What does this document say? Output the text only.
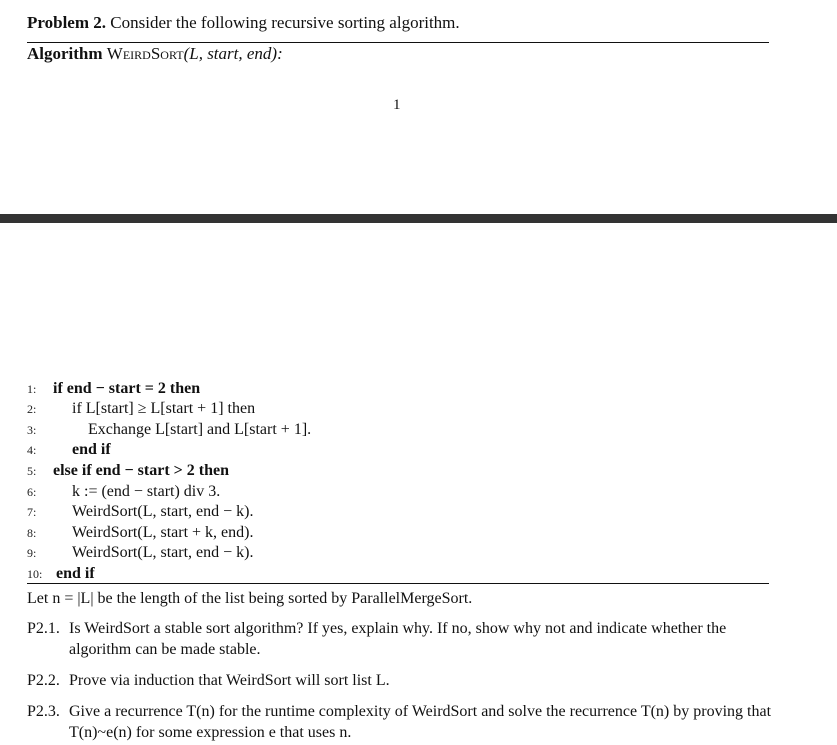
Problem 2. Consider the following recursive sorting algorithm.
Algorithm WeirdSort(L, start, end):
1
1: if end − start = 2 then
2: if L[start] ≥ L[start + 1] then
3:	Exchange L[start] and L[start + 1].
4: end if
5: else if end − start > 2 then
6: k := (end − start) div 3.
7: WeirdSort(L, start, end − k).
8: WeirdSort(L, start + k, end).
9: WeirdSort(L, start, end − k).
10: end if
Let n = |L| be the length of the list being sorted by ParallelMergeSort.
P2.1. Is WeirdSort a stable sort algorithm? If yes, explain why. If no, show why not and indicate whether the algorithm can be made stable.
P2.2. Prove via induction that WeirdSort will sort list L.
P2.3. Give a recurrence T(n) for the runtime complexity of WeirdSort and solve the recurrence T(n) by proving that T(n)~e(n) for some expression e that uses n.
